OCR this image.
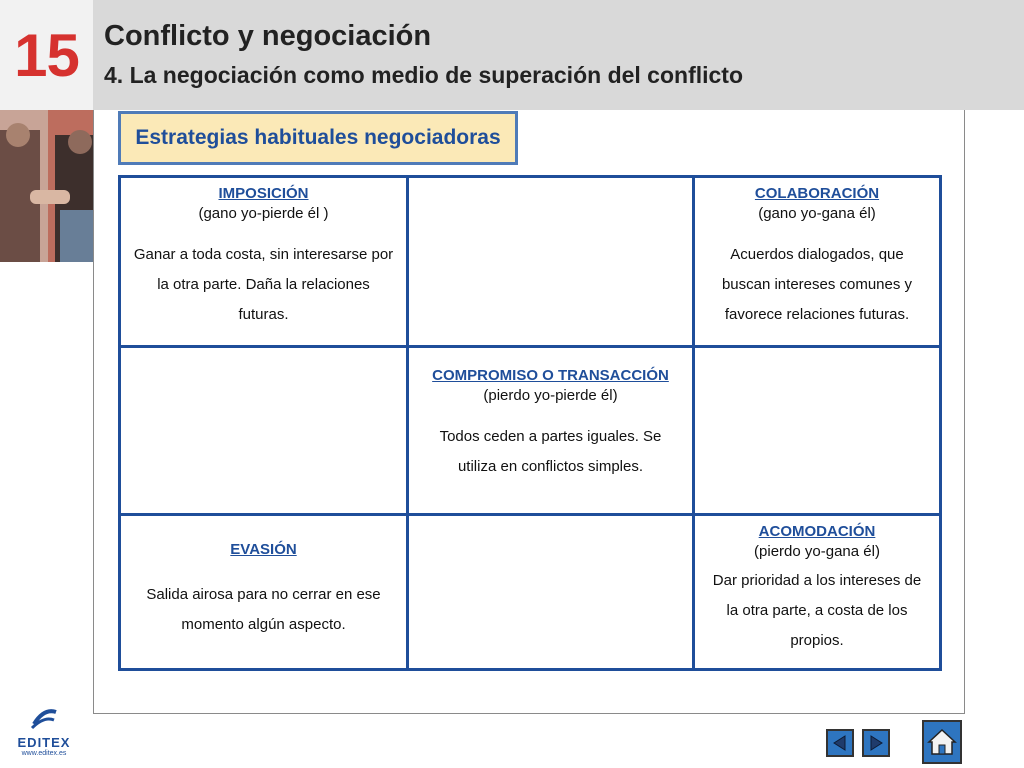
15 Conflicto y negociación
4. La negociación como medio de superación del conflicto
Estrategias habituales negociadoras
IMPOSICIÓN
(gano yo-pierde él )
Ganar a toda costa, sin interesarse por la otra parte. Daña la relaciones futuras.
COLABORACIÓN
(gano yo-gana él)
Acuerdos dialogados, que buscan intereses comunes y favorece relaciones futuras.
COMPROMISO O TRANSACCIÓN
(pierdo yo-pierde él)
Todos ceden a partes iguales. Se utiliza en conflictos simples.
EVASIÓN
Salida airosa para no cerrar en ese momento algún aspecto.
ACOMODACIÓN
(pierdo yo-gana él)
Dar prioridad a los intereses de la otra parte, a costa de los propios.
EDITEX
www.editex.es
